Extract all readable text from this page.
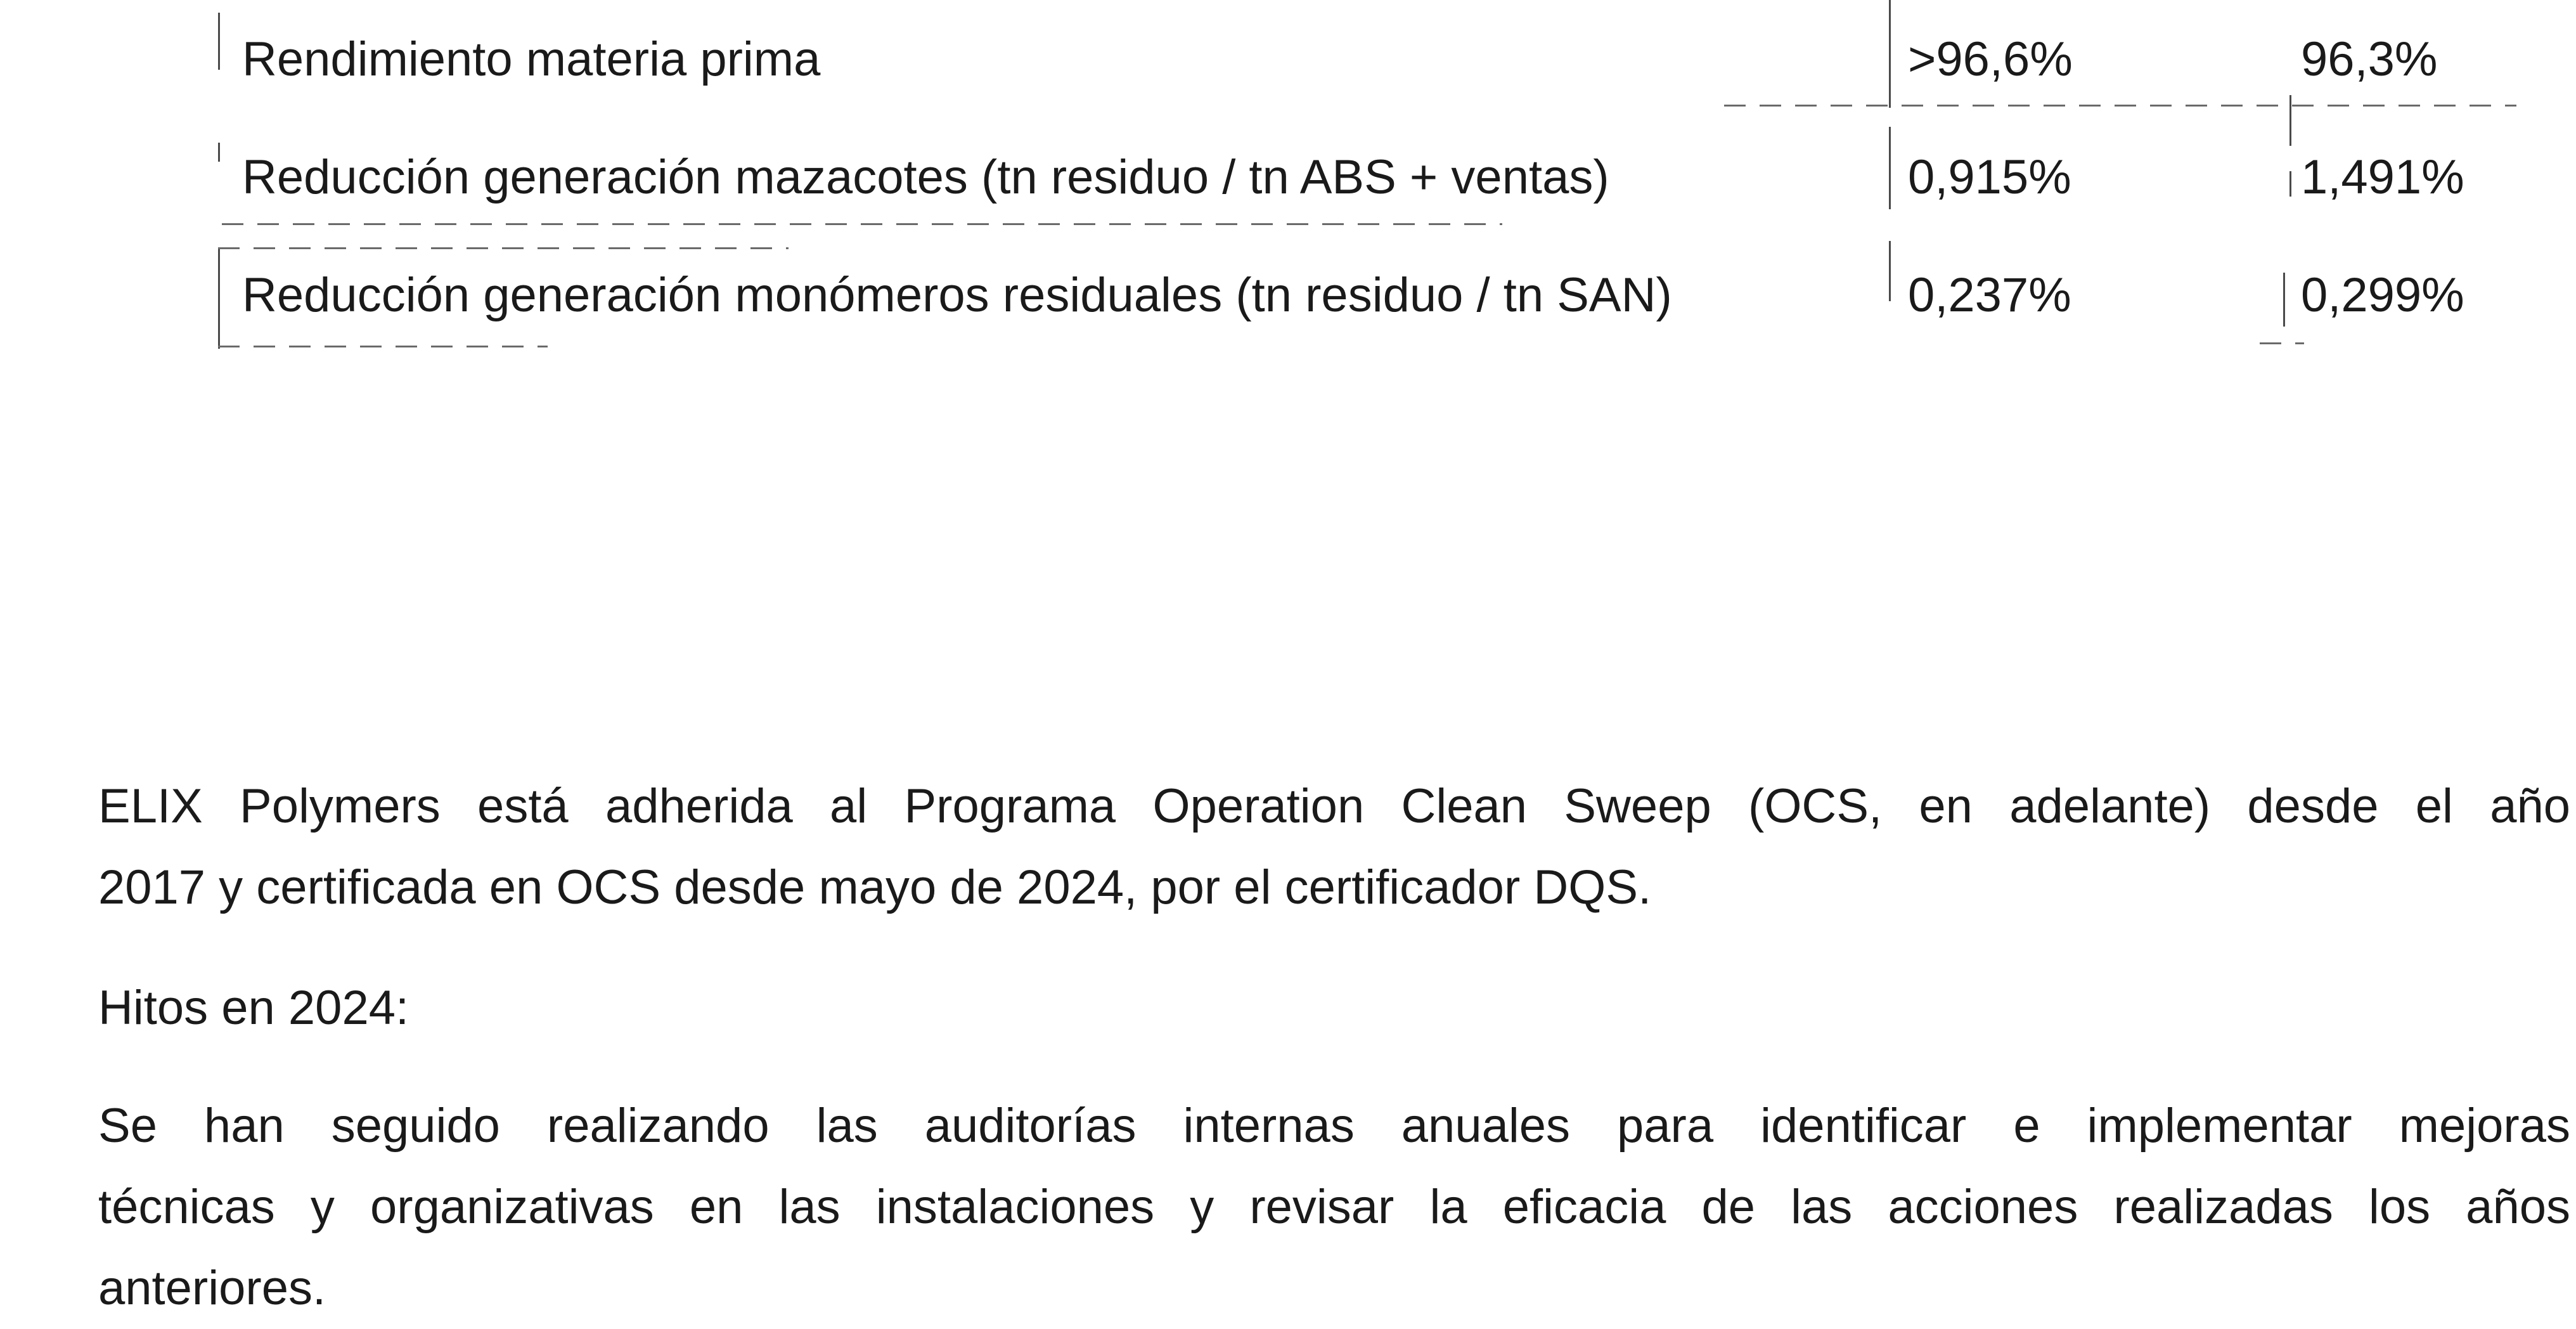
Rendimiento materia prima	>96,6%	96,3%
Reducción generación mazacotes (tn residuo / tn ABS + ventas)	0,915%	1,491%
Reducción generación monómeros residuales (tn residuo / tn SAN)	0,237%	0,299%

ELIX Polymers está adherida al Programa Operation Clean Sweep (OCS, en adelante) desde el año

2017 y certificada en OCS desde mayo de 2024, por el certificador DQS.

Hitos en 2024:

Se han seguido realizando las auditorías internas anuales para identificar e implementar mejoras

técnicas y organizativas en las instalaciones y revisar la eficacia de las acciones realizadas los años

anteriores.
